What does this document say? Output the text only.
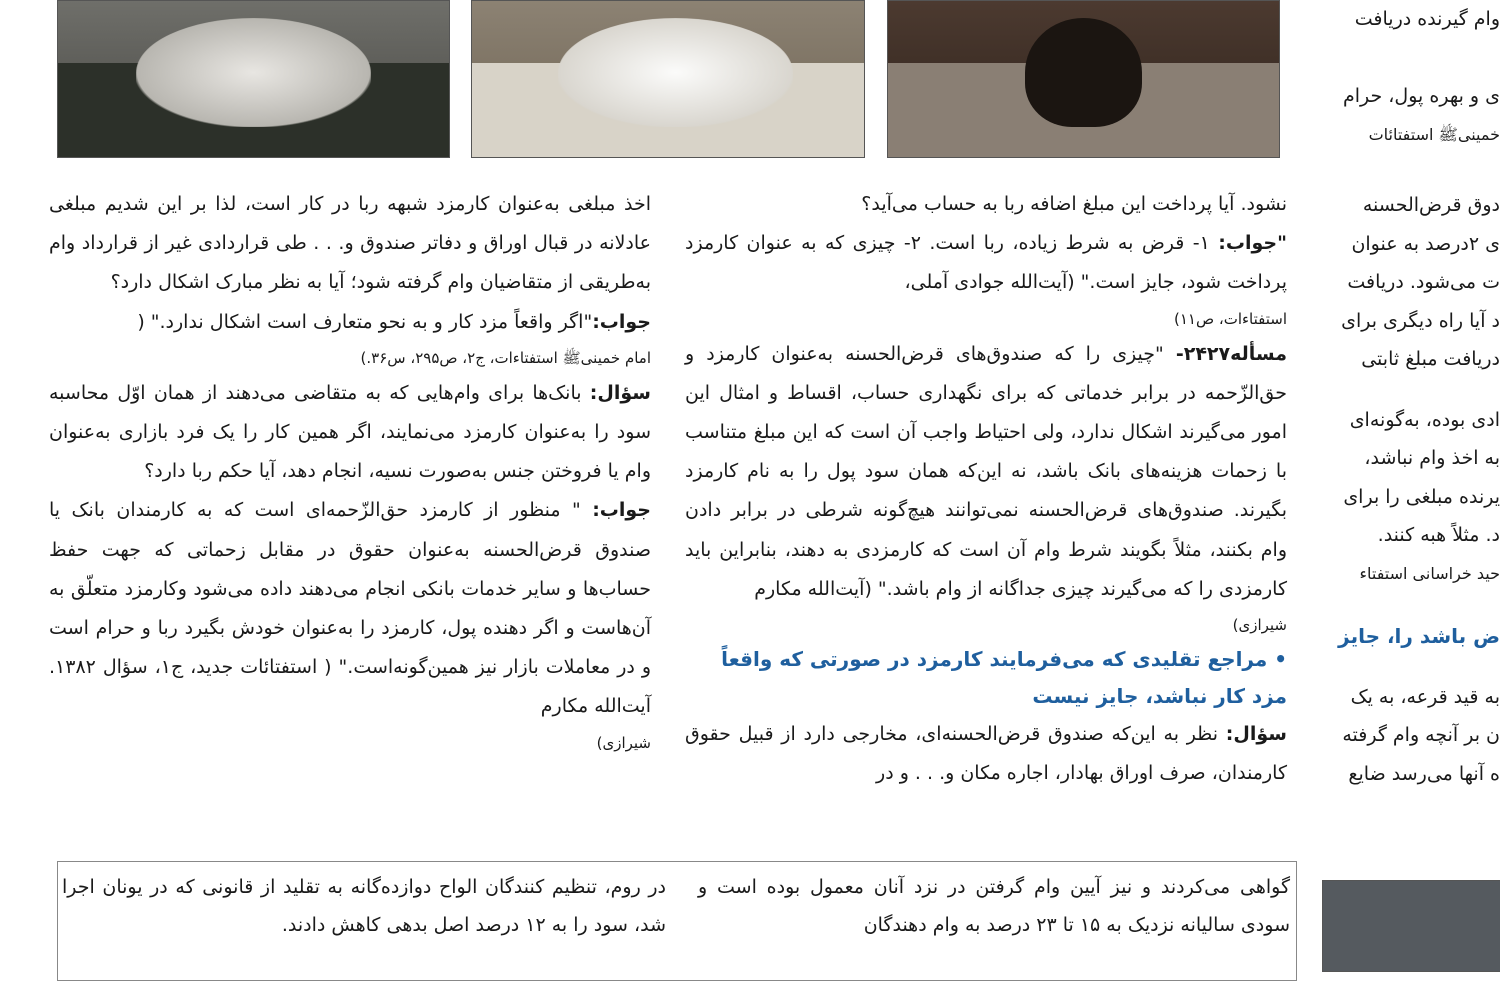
وام گیرنده دریافت
ی و بهره پول، حرام
خمینیﷺ استفتائات
دوق قرض‌الحسنه
ی ۲درصد به عنوان
ت می‌شود. دریافت
د آیا راه دیگری برای
دریافت مبلغ ثابتی
ادی بوده، به‌گونه‌ای
به اخذ وام نباشد،
یرنده مبلغی را برای
د. مثلاً هبه کنند.
حید خراسانی استفتاء
ض باشد را، جایز
به قید قرعه، به یک
ن بر آنچه وام گرفته
ه آنها می‌رسد ضایع

نشود. آیا پرداخت این مبلغ اضافه ربا به حساب می‌آید؟

"جواب: ۱- قرض به شرط زیاده، ربا است. ۲- چیزی که به عنوان کارمزد پرداخت شود، جایز است." (آیت‌الله جوادی آملی،

استفتاءات، ص۱۱)

مسأله۲۴۲۷- "چیزی را که صندوق‌های قرض‌الحسنه به‌عنوان کارمزد و حق‌الزّحمه در برابر خدماتی که برای نگهداری حساب، اقساط و امثال این امور می‌گیرند اشکال ندارد، ولی احتیاط واجب آن است که این مبلغ متناسب با زحمات هزینه‌های بانک باشد، نه این‌که همان سود پول را به نام کارمزد بگیرند. صندوق‌های قرض‌الحسنه نمی‌توانند هیچ‌گونه شرطی در برابر دادن وام بکنند، مثلاً بگویند شرط وام آن است که کارمزدی به ‌دهند، بنابراین باید کارمزدی را که می‌گیرند چیزی جداگانه از وام باشد." (آیت‌الله مکارم

شیرازی)

• مراجع تقلیدی که می‌فرمایند کارمزد در صورتی که واقعاً مزد کار نباشد، جایز نیست

سؤال: نظر به این‌که صندوق قرض‌الحسنه‌ای، مخارجی دارد از قبیل حقوق کارمندان، صرف اوراق بهادار، اجاره مکان و. . . و در

اخذ مبلغی به‌عنوان کارمزد شبهه ربا در کار است، لذا بر این شدیم مبلغی عادلانه در قبال اوراق و دفاتر صندوق و. . . طی قراردادی غیر از قرارداد وام به‌طریقی از متقاضیان وام گرفته شود؛ آیا به نظر مبارک اشکال دارد؟

جواب:"اگر واقعاً مزد کار و به نحو متعارف است اشکال ندارد." (

امام خمینیﷺ استفتاءات، ج۲، ص۲۹۵، س۳۶.)

سؤال: بانک‌ها برای وام‌هایی که به متقاضی می‌دهند از همان اوّل محاسبه سود را به‌عنوان کارمزد می‌نمایند، اگر همین کار را یک فرد بازاری به‌عنوان وام یا فروختن جنس به‌صورت نسیه، انجام دهد، آیا حکم ربا دارد؟

جواب: " منظور از کارمزد حق‌الزّحمه‌ای است که به کارمندان بانک یا صندوق قرض‌الحسنه به‌عنوان حقوق در مقابل زحماتی که جهت حفظ حساب‌ها و سایر خدمات بانکی انجام می‌دهند داده می‌شود وکارمزد متعلّق به آن‌هاست و اگر دهنده پول، کارمزد را به‌عنوان خودش بگیرد ربا و حرام است و در معاملات بازار نیز همین‌گونه‌است." ( استفتائات جدید، ج۱، سؤال ۱۳۸۲. آیت‌الله مکارم

شیرازی)

گواهی می‌کردند و نیز آیین وام گرفتن در نزد آنان معمول بوده است و سودی سالیانه نزدیک به ۱۵ تا ۲۳ درصد به وام دهندگان
در روم، تنظیم کنندگان الواح دوازده‌گانه به تقلید از قانونی که در یونان اجرا شد، سود را به ۱۲ درصد اصل بدهی کاهش دادند.
